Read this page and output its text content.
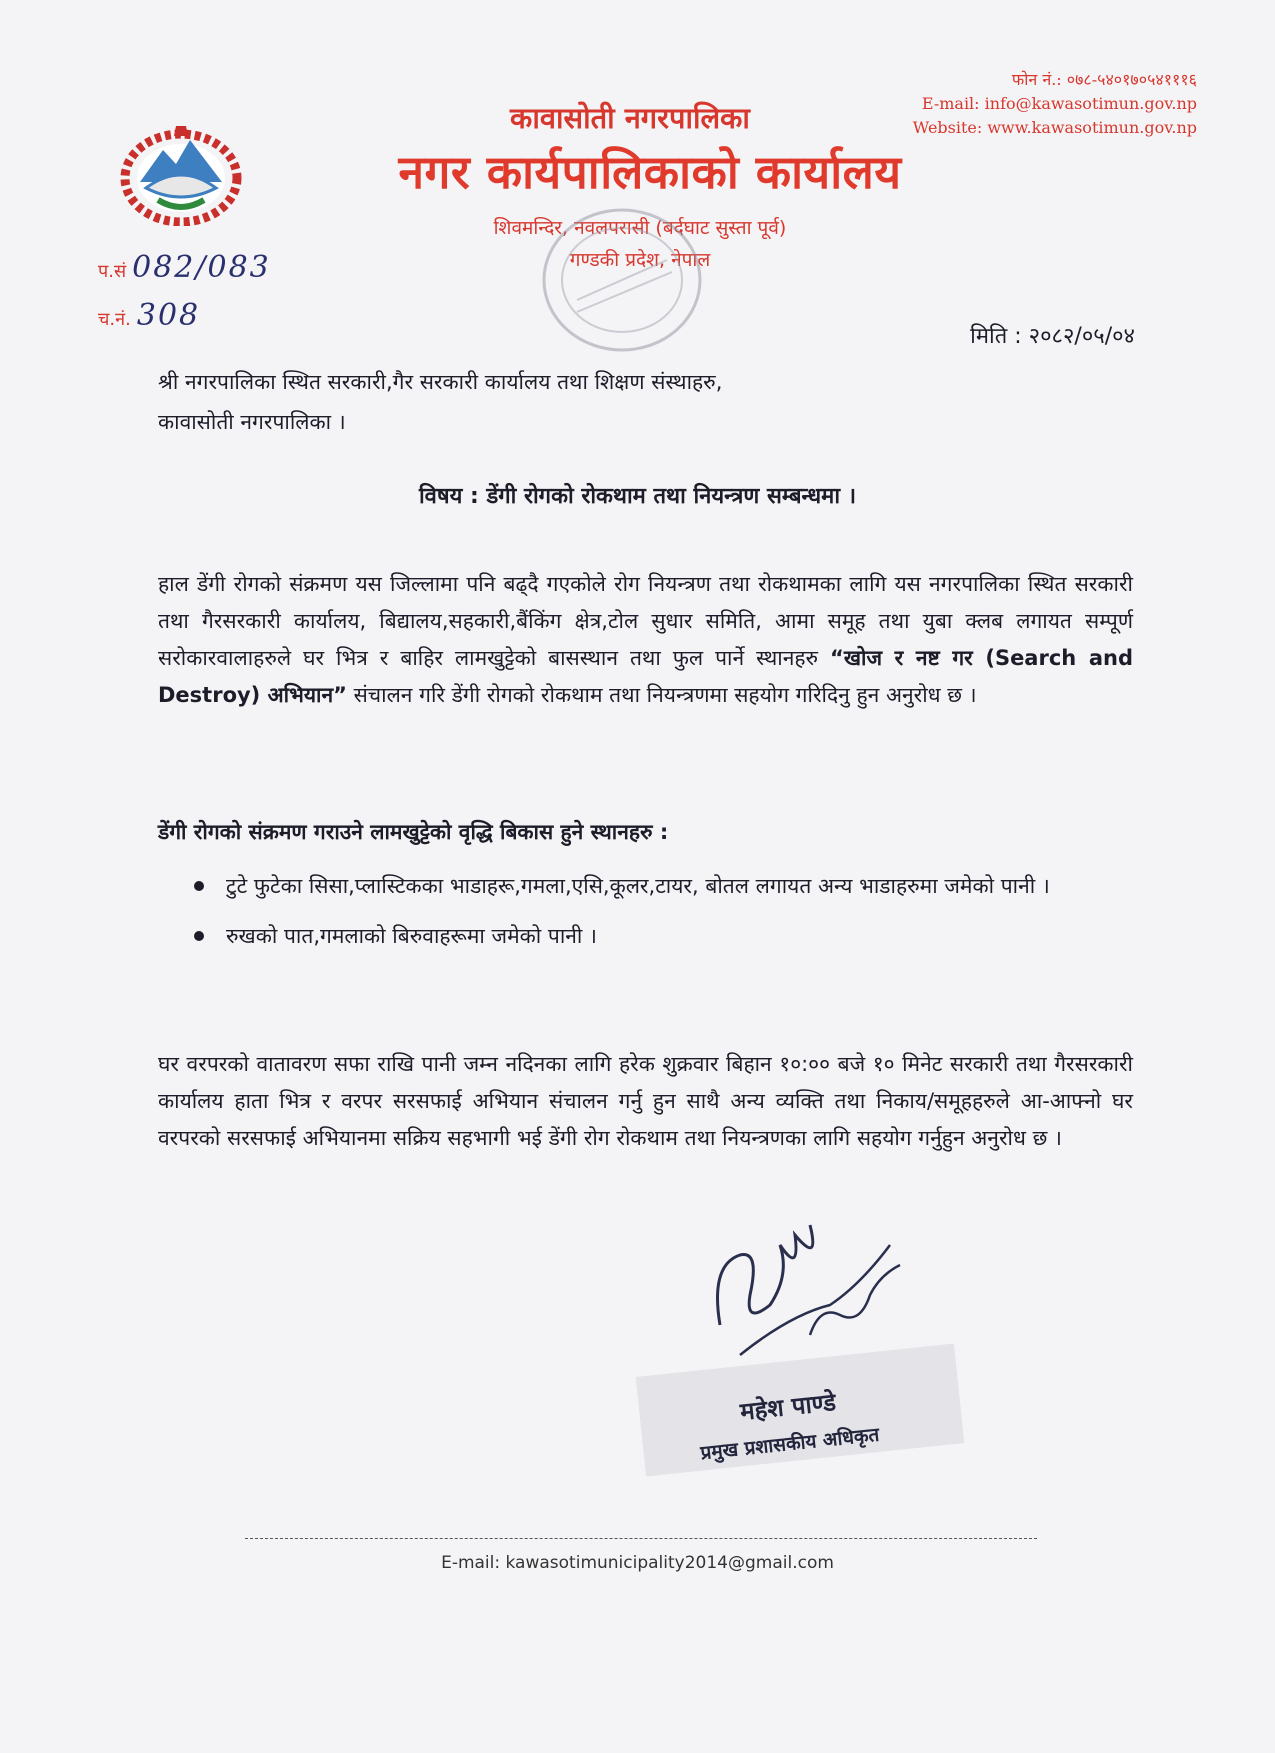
कावासोती नगरपालिका
नगर कार्यपालिकाको कार्यालय
शिवमन्दिर, नवलपरासी (बर्दघाट सुस्ता पूर्व)
गण्डकी प्रदेश, नेपाल
फोन नं.: ०७८-५४०१७०५४१११६
E-mail: info@kawasotimun.gov.np
Website: www.kawasotimun.gov.np
प.सं 082/083
च.नं. 308
मिति : २०८२/०५/०४
श्री नगरपालिका स्थित सरकारी,गैर सरकारी कार्यालय तथा शिक्षण संस्थाहरु,
कावासोती नगरपालिका ।
विषय : डेंगी रोगको रोकथाम तथा नियन्त्रण सम्बन्धमा ।
हाल डेंगी रोगको संक्रमण यस जिल्लामा पनि बढ्दै गएकोले रोग नियन्त्रण तथा रोकथामका लागि यस नगरपालिका स्थित सरकारी तथा गैरसरकारी कार्यालय, बिद्यालय,सहकारी,बैंकिंग क्षेत्र,टोल सुधार समिति, आमा समूह तथा युबा क्लब लगायत सम्पूर्ण सरोकारवालाहरुले घर भित्र र बाहिर लामखुट्टेको बासस्थान तथा फुल पार्ने स्थानहरु “खोज र नष्ट गर (Search and Destroy) अभियान” संचालन गरि डेंगी रोगको रोकथाम तथा नियन्त्रणमा सहयोग गरिदिनु हुन अनुरोध छ ।
डेंगी रोगको संक्रमण गराउने लामखुट्टेको वृद्धि बिकास हुने स्थानहरु :
टुटे फुटेका सिसा,प्लास्टिकका भाडाहरू,गमला,एसि,कूलर,टायर, बोतल लगायत अन्य भाडाहरुमा जमेको पानी ।
रुखको पात,गमलाको बिरुवाहरूमा जमेको पानी ।
घर वरपरको वातावरण सफा राखि पानी जम्न नदिनका लागि हरेक शुक्रवार बिहान १०:०० बजे १० मिनेट सरकारी तथा गैरसरकारी कार्यालय हाता भित्र र वरपर सरसफाई अभियान संचालन गर्नु हुन साथै अन्य व्यक्ति तथा निकाय/समूहहरुले आ-आफ्नो घर वरपरको सरसफाई अभियानमा सक्रिय सहभागी भई डेंगी रोग रोकथाम तथा नियन्त्रणका लागि सहयोग गर्नुहुन अनुरोध छ ।
महेश पाण्डे
प्रमुख प्रशासकीय अधिकृत
E-mail: kawasotimunicipality2014@gmail.com
